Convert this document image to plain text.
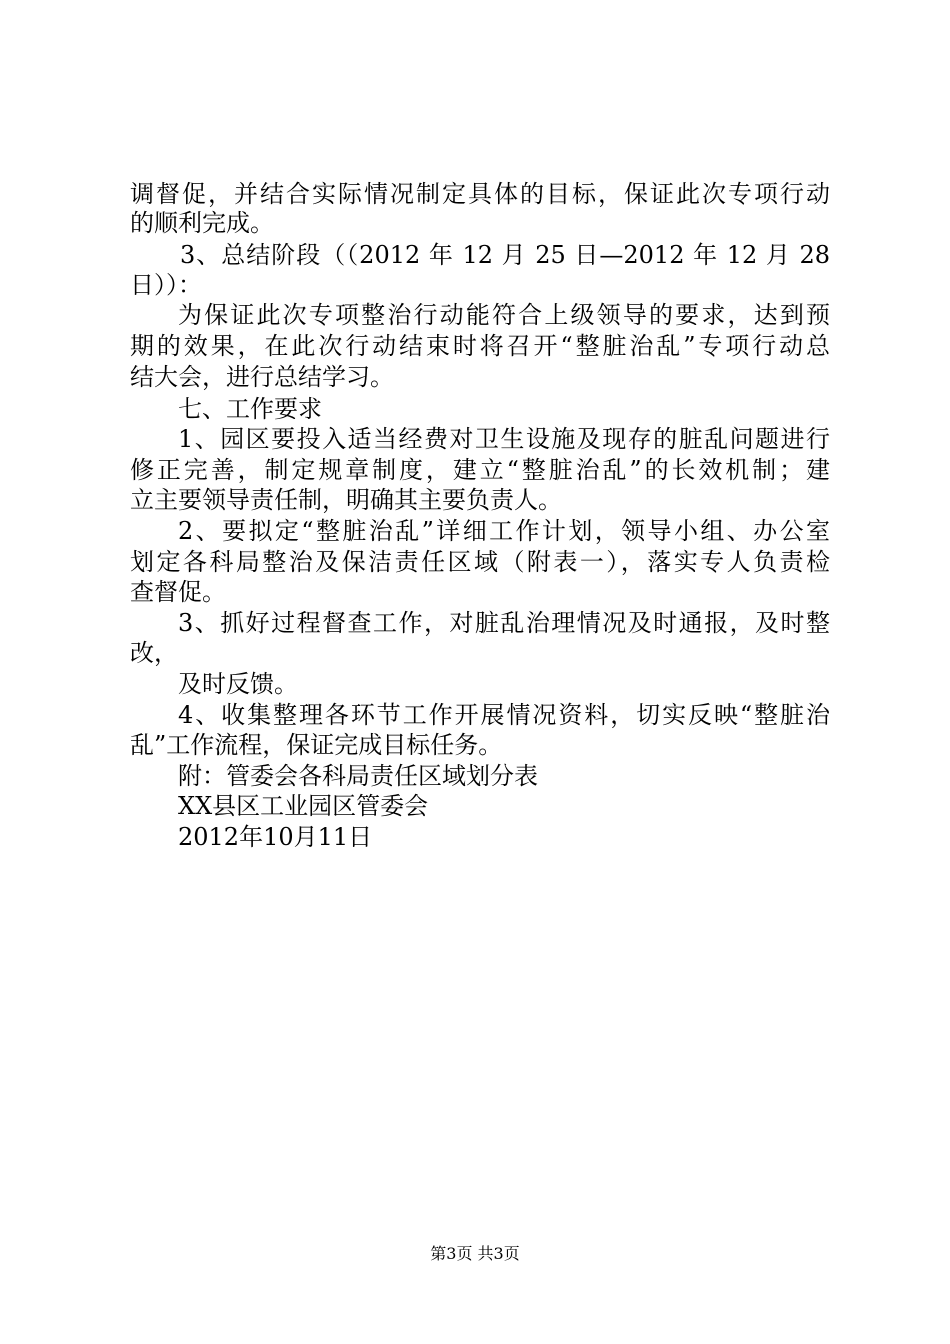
调督促，并结合实际情况制定具体的目标，保证此次专项行动
的顺利完成。
3、总结阶段（（2012 年 12 月 25 日—2012 年 12 月 28
日））：
为保证此次专项整治行动能符合上级领导的要求，达到预
期的效果，在此次行动结束时将召开“整脏治乱”专项行动总
结大会，进行总结学习。
七、工作要求
1、园区要投入适当经费对卫生设施及现存的脏乱问题进行
修正完善，制定规章制度，建立“整脏治乱”的长效机制；建
立主要领导责任制，明确其主要负责人。
2、要拟定“整脏治乱”详细工作计划，领导小组、办公室
划定各科局整治及保洁责任区域（附表一），落实专人负责检
查督促。
3、抓好过程督查工作，对脏乱治理情况及时通报，及时整
改，
及时反馈。
4、收集整理各环节工作开展情况资料，切实反映“整脏治
乱”工作流程，保证完成目标任务。
附：管委会各科局责任区域划分表
XX县区工业园区管委会
2012年10月11日
第3页 共3页
